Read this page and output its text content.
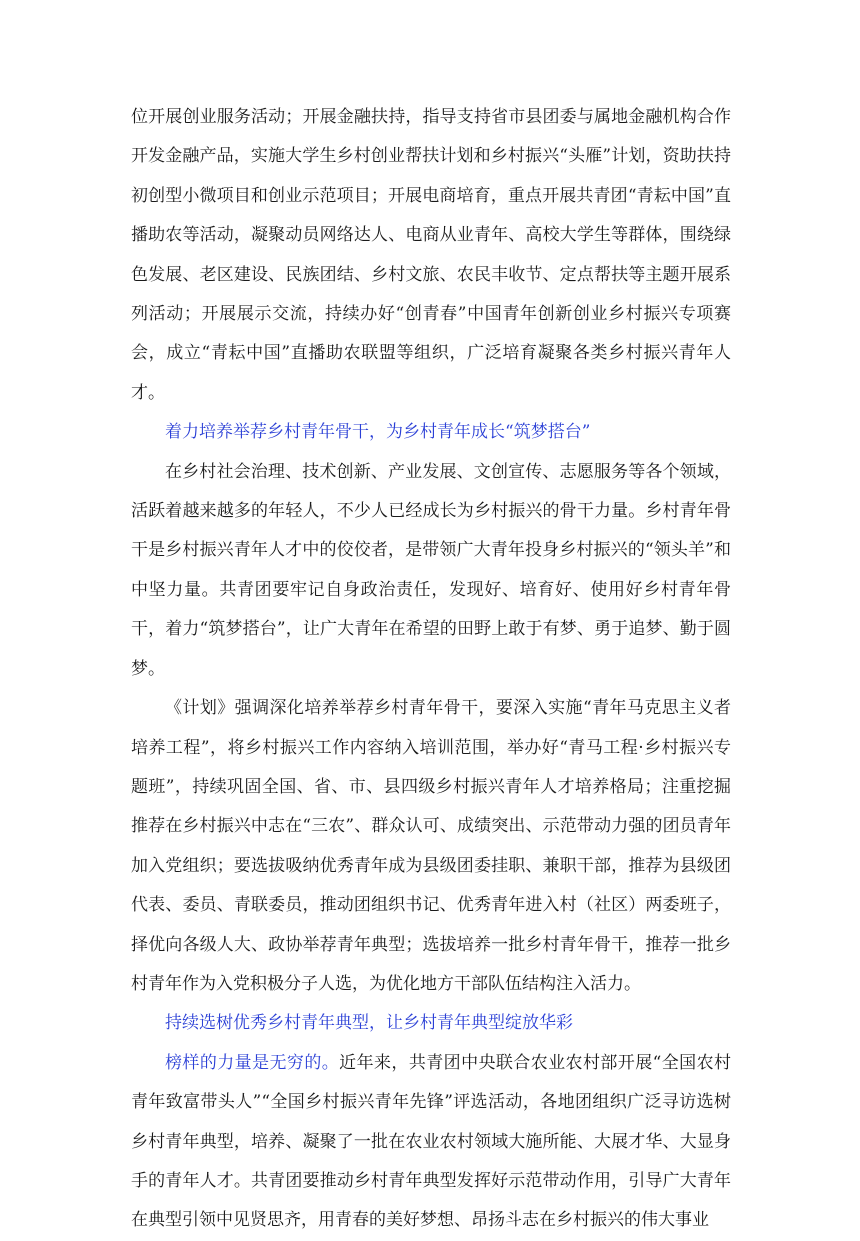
位开展创业服务活动；开展金融扶持，指导支持省市县团委与属地金融机构合作开发金融产品，实施大学生乡村创业帮扶计划和乡村振兴“头雁”计划，资助扶持初创型小微项目和创业示范项目；开展电商培育，重点开展共青团“青耘中国”直播助农等活动，凝聚动员网络达人、电商从业青年、高校大学生等群体，围绕绿色发展、老区建设、民族团结、乡村文旅、农民丰收节、定点帮扶等主题开展系列活动；开展展示交流，持续办好“创青春”中国青年创新创业乡村振兴专项赛会，成立“青耘中国”直播助农联盟等组织，广泛培育凝聚各类乡村振兴青年人才。

着力培养举荐乡村青年骨干，为乡村青年成长“筑梦搭台”

在乡村社会治理、技术创新、产业发展、文创宣传、志愿服务等各个领域，活跃着越来越多的年轻人，不少人已经成长为乡村振兴的骨干力量。乡村青年骨干是乡村振兴青年人才中的佼佼者，是带领广大青年投身乡村振兴的“领头羊”和中坚力量。共青团要牢记自身政治责任，发现好、培育好、使用好乡村青年骨干，着力“筑梦搭台”，让广大青年在希望的田野上敢于有梦、勇于追梦、勤于圆梦。

《计划》强调深化培养举荐乡村青年骨干，要深入实施“青年马克思主义者培养工程”，将乡村振兴工作内容纳入培训范围，举办好“青马工程·乡村振兴专题班”，持续巩固全国、省、市、县四级乡村振兴青年人才培养格局；注重挖掘推荐在乡村振兴中志在“三农”、群众认可、成绩突出、示范带动力强的团员青年加入党组织；要选拔吸纳优秀青年成为县级团委挂职、兼职干部，推荐为县级团代表、委员、青联委员，推动团组织书记、优秀青年进入村（社区）两委班子，择优向各级人大、政协举荐青年典型；选拔培养一批乡村青年骨干，推荐一批乡村青年作为入党积极分子人选，为优化地方干部队伍结构注入活力。

持续选树优秀乡村青年典型，让乡村青年典型绽放华彩

榜样的力量是无穷的。近年来，共青团中央联合农业农村部开展“全国农村青年致富带头人”“全国乡村振兴青年先锋”评选活动，各地团组织广泛寻访选树乡村青年典型，培养、凝聚了一批在农业农村领域大施所能、大展才华、大显身手的青年人才。共青团要推动乡村青年典型发挥好示范带动作用，引导广大青年在典型引领中见贤思齐，用青春的美好梦想、昂扬斗志在乡村振兴的伟大事业
